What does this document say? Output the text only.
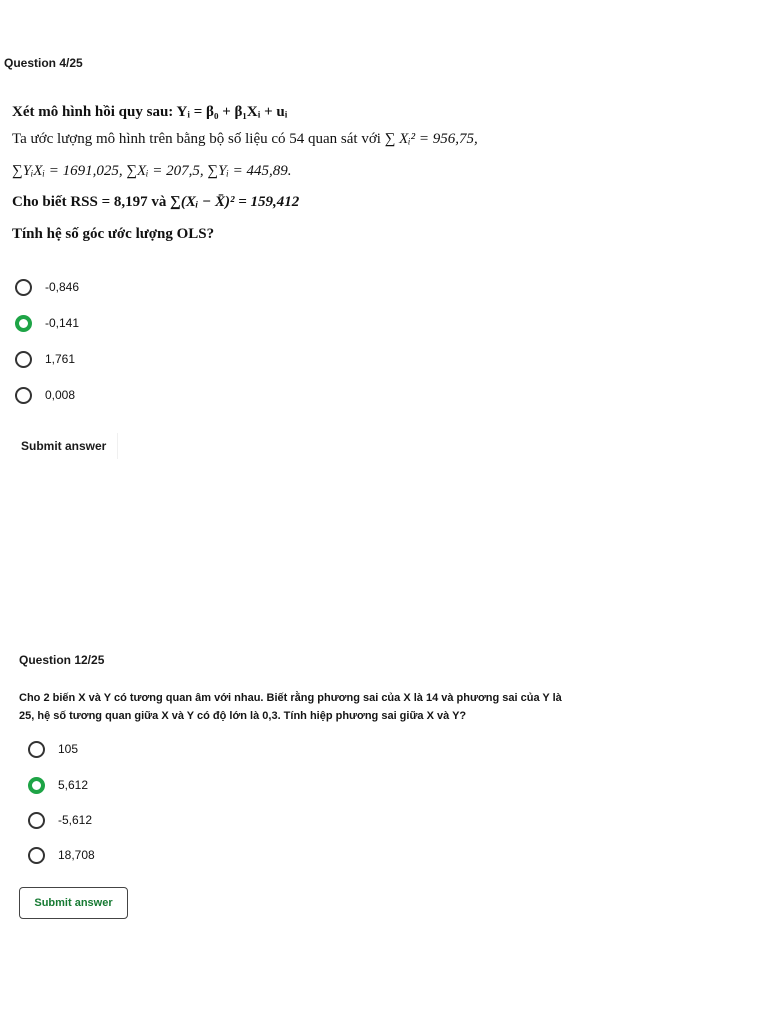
Question 4/25
Xét mô hình hồi quy sau: Yᵢ = β₀ + β₁Xᵢ + uᵢ
Ta ước lượng mô hình trên bằng bộ số liệu có 54 quan sát với ∑ Xᵢ² = 956,75,
∑YᵢXᵢ = 1691,025, ∑Xᵢ = 207,5, ∑Yᵢ = 445,89.
Cho biết RSS = 8,197 và ∑(Xᵢ − X̄)² = 159,412
Tính hệ số góc ước lượng OLS?
-0,846
-0,141
1,761
0,008
Submit answer
Question 12/25
Cho 2 biến X và Y có tương quan âm với nhau. Biết rằng phương sai của X là 14 và phương sai của Y là
25, hệ số tương quan giữa X và Y có độ lớn là 0,3. Tính hiệp phương sai giữa X và Y?
105
5,612
-5,612
18,708
Submit answer
